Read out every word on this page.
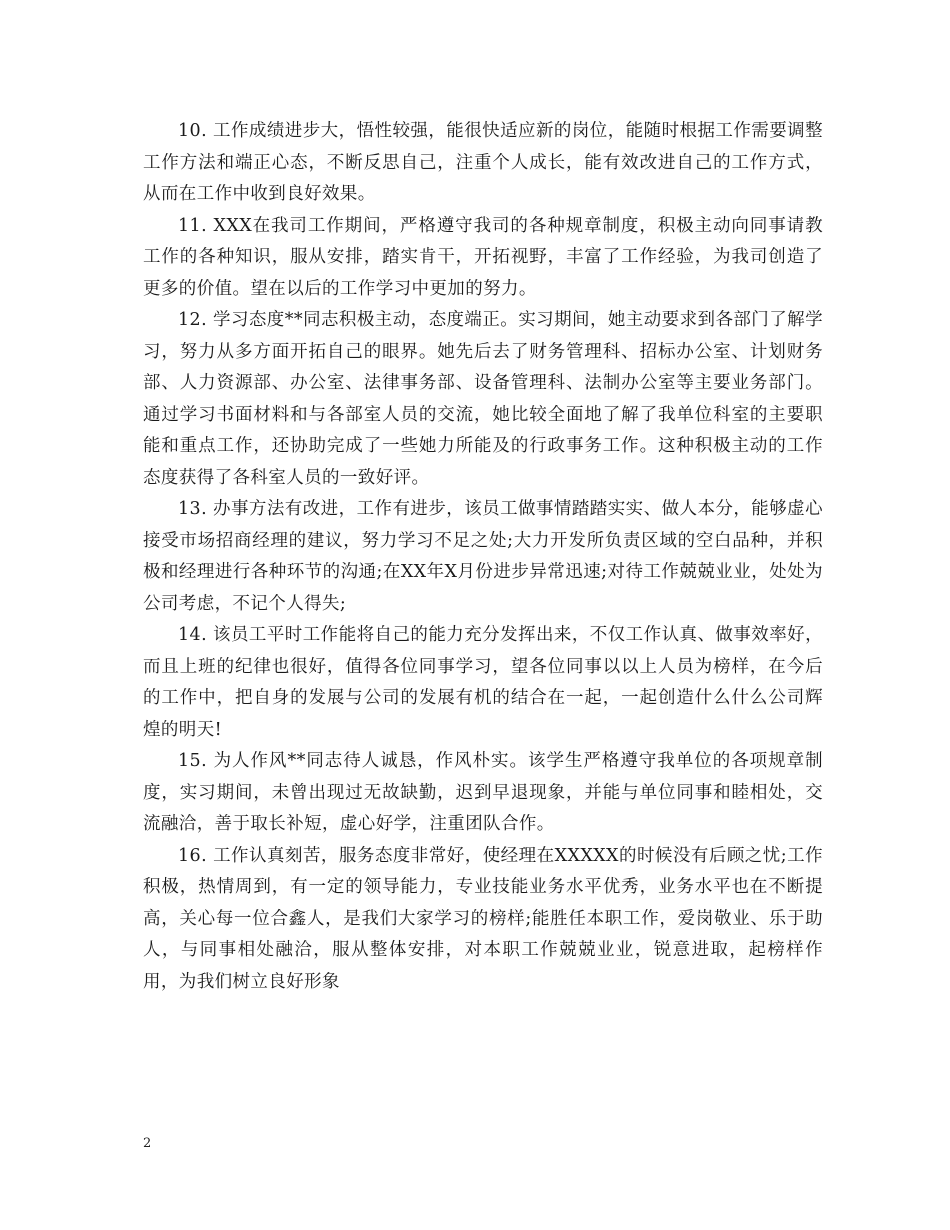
10. 工作成绩进步大，悟性较强，能很快适应新的岗位，能随时根据工作需要调整工作方法和端正心态，不断反思自己，注重个人成长，能有效改进自己的工作方式，从而在工作中收到良好效果。

11. XXX在我司工作期间，严格遵守我司的各种规章制度，积极主动向同事请教工作的各种知识，服从安排，踏实肯干，开拓视野，丰富了工作经验，为我司创造了更多的价值。望在以后的工作学习中更加的努力。

12. 学习态度**同志积极主动，态度端正。实习期间，她主动要求到各部门了解学习，努力从多方面开拓自己的眼界。她先后去了财务管理科、招标办公室、计划财务部、人力资源部、办公室、法律事务部、设备管理科、法制办公室等主要业务部门。通过学习书面材料和与各部室人员的交流，她比较全面地了解了我单位科室的主要职能和重点工作，还协助完成了一些她力所能及的行政事务工作。这种积极主动的工作态度获得了各科室人员的一致好评。

13. 办事方法有改进，工作有进步，该员工做事情踏踏实实、做人本分，能够虚心接受市场招商经理的建议，努力学习不足之处;大力开发所负责区域的空白品种，并积极和经理进行各种环节的沟通;在XX年X月份进步异常迅速;对待工作兢兢业业，处处为公司考虑，不记个人得失;

14. 该员工平时工作能将自己的能力充分发挥出来，不仅工作认真、做事效率好，而且上班的纪律也很好，值得各位同事学习，望各位同事以以上人员为榜样，在今后的工作中，把自身的发展与公司的发展有机的结合在一起，一起创造什么什么公司辉煌的明天!

15. 为人作风**同志待人诚恳，作风朴实。该学生严格遵守我单位的各项规章制度，实习期间，未曾出现过无故缺勤，迟到早退现象，并能与单位同事和睦相处，交流融洽，善于取长补短，虚心好学，注重团队合作。

16. 工作认真刻苦，服务态度非常好，使经理在XXXXX的时候没有后顾之忧;工作积极，热情周到，有一定的领导能力，专业技能业务水平优秀，业务水平也在不断提高，关心每一位合鑫人，是我们大家学习的榜样;能胜任本职工作，爱岗敬业、乐于助人，与同事相处融洽，服从整体安排，对本职工作兢兢业业，锐意进取，起榜样作用，为我们树立良好形象

2
